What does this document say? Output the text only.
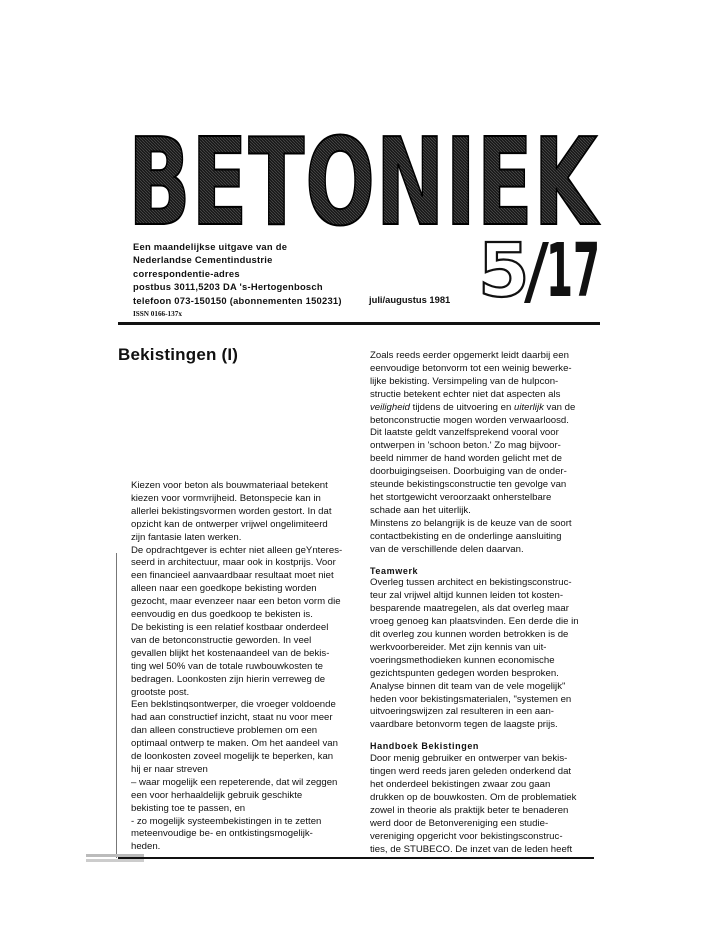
BETONIEK
Een maandelijkse uitgave van de
Nederlandse Cementindustrie
correspondentie-adres
postbus 3011,5203 DA 's-Hertogenbosch
telefoon 073-150150 (abonnementen 150231)
ISSN 0166-137x
juli/augustus 1981 5
/
17
Bekistingen (I)
Kiezen voor beton als bouwmateriaal betekent
kiezen voor vormvrijheid. Betonspecie kan in
allerlei bekistingsvormen worden gestort. In dat
opzicht kan de ontwerper vrijwel ongelimiteerd
zijn fantasie laten werken.
De opdrachtgever is echter niet alleen geYnteres-
seerd in architectuur, maar ook in kostprijs. Voor
een financieel aanvaardbaar resultaat moet niet
alleen naar een goedkope bekisting worden
gezocht, maar evenzeer naar een beton vorm die
eenvoudig en dus goedkoop te bekisten is.
De bekisting is een relatief kostbaar onderdeel
van de betonconstructie geworden. In veel
gevallen blijkt het kostenaandeel van de bekis-
ting wel 50% van de totale ruwbouwkosten te
bedragen. Loonkosten zijn hierin verreweg de
grootste post.
Een beklstinqsontwerper, die vroeger voldoende
had aan constructief inzicht, staat nu voor meer
dan alleen constructieve problemen om een
optimaal ontwerp te maken. Om het aandeel van
de loonkosten zoveel mogelijk te beperken, kan
hij er naar streven
– waar mogelijk een repeterende, dat wil zeggen
een voor herhaaldelijk gebruik geschikte
bekisting toe te passen, en
- zo mogelijk systeembekistingen in te zetten
meteenvoudige be- en ontkistingsmogelijk-
heden.
Zoals reeds eerder opgemerkt leidt daarbij een
eenvoudige betonvorm tot een weinig bewerke-
lijke bekisting. Versimpeling van de hulpcon-
structie betekent echter niet dat aspecten als
veiligheid tijdens de uitvoering en uiterlijk van de
betonconstructie mogen worden verwaarloosd.
Dit laatste geldt vanzelfsprekend vooral voor
ontwerpen in 'schoon beton.' Zo mag bijvoor-
beeld nimmer de hand worden gelicht met de
doorbuigingseisen. Doorbuiging van de onder-
steunde bekistingsconstructie ten gevolge van
het stortgewicht veroorzaakt onherstelbare
schade aan het uiterlijk.
Minstens zo belangrijk is de keuze van de soort
contactbekisting en de onderlinge aansluiting
van de verschillende delen daarvan.
Teamwerk
Overleg tussen architect en bekistingsconstruc-
teur zal vrijwel altijd kunnen leiden tot kosten-
besparende maatregelen, als dat overleg maar
vroeg genoeg kan plaatsvinden. Een derde die in
dit overleg zou kunnen worden betrokken is de
werkvoorbereider. Met zijn kennis van uit-
voeringsmethodieken kunnen economische
gezichtspunten gedegen worden besproken.
Analyse binnen dit team van de vele mogelijk"
heden voor bekistingsmaterialen, "systemen en
uitvoeringswijzen zal resulteren in een aan-
vaardbare betonvorm tegen de laagste prijs.
Handboek Bekistingen
Door menig gebruiker en ontwerper van bekis-
tingen werd reeds jaren geleden onderkend dat
het onderdeel bekistingen zwaar zou gaan
drukken op de bouwkosten. Om de problematiek
zowel in theorie als praktijk beter te benaderen
werd door de Betonvereniging een studie-
vereniging opgericht voor bekistingsconstruc-
ties, de STUBECO. De inzet van de leden heeft
